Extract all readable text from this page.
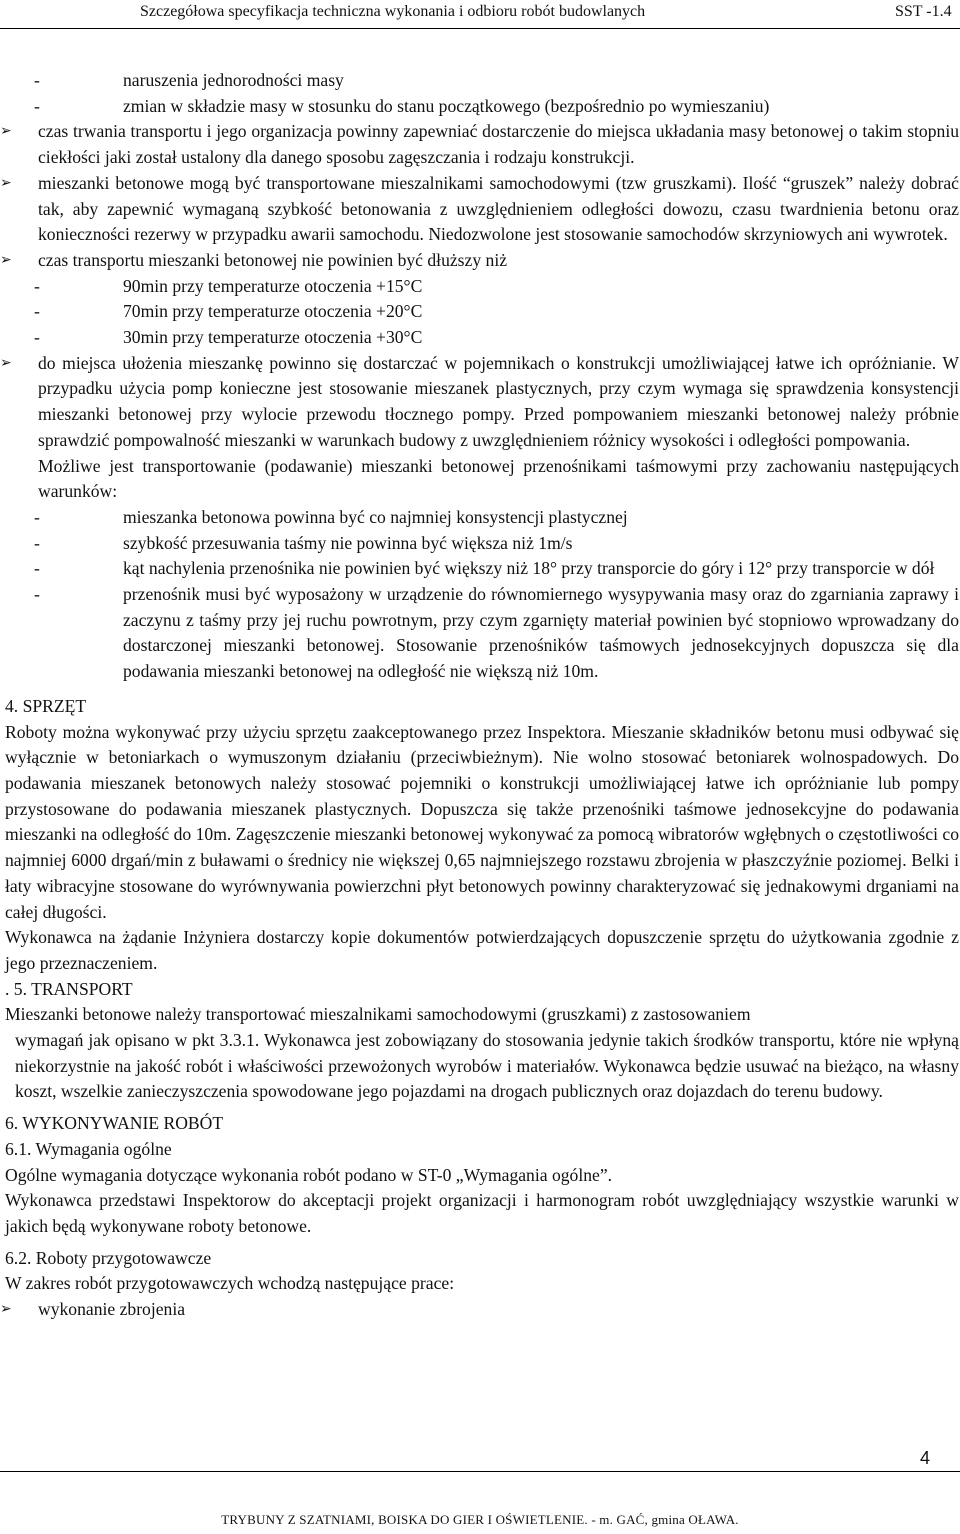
Szczegółowa specyfikacja techniczna wykonania i odbioru robót budowlanych	SST -1.4
-	naruszenia jednorodności masy
-	zmian w składzie masy w stosunku do stanu początkowego (bezpośrednio po wymieszaniu)
➢ czas trwania transportu i jego organizacja powinny zapewniać dostarczenie do miejsca układania masy betonowej o takim stopniu ciekłości jaki został ustalony dla danego sposobu zagęszczania i rodzaju konstrukcji.
➢ mieszanki betonowe mogą być transportowane mieszalnikami samochodowymi (tzw gruszkami). Ilość “gruszek” należy dobrać tak, aby zapewnić wymaganą szybkość betonowania z uwzględnieniem odległości dowozu, czasu twardnienia betonu oraz konieczności rezerwy w przypadku awarii samochodu. Niedozwolone jest stosowanie samochodów skrzyniowych ani wywrotek.
➢ czas transportu mieszanki betonowej nie powinien być dłuższy niż
-	90min przy temperaturze otoczenia +15°C
-	70min przy temperaturze otoczenia +20°C
-	30min przy temperaturze otoczenia +30°C
➢ do miejsca ułożenia mieszankę powinno się dostarczać w pojemnikach o konstrukcji umożliwiającej łatwe ich opróżnianie. W przypadku użycia pomp konieczne jest stosowanie mieszanek plastycznych, przy czym wymaga się sprawdzenia konsystencji mieszanki betonowej przy wylocie przewodu tłocznego pompy. Przed pompowaniem mieszanki betonowej należy próbnie sprawdzić pompowalność mieszanki w warunkach budowy z uwzględnieniem różnicy wysokości i odległości pompowania.
Możliwe jest transportowanie (podawanie) mieszanki betonowej przenośnikami taśmowymi przy zachowaniu następujących warunków:
-	mieszanka betonowa powinna być co najmniej konsystencji plastycznej
-	szybkość przesuwania taśmy nie powinna być większa niż 1m/s
-	kąt nachylenia przenośnika nie powinien być większy niż 18° przy transporcie do góry i 12° przy transporcie w dół
-	przenośnik musi być wyposażony w urządzenie do równomiernego wysypywania masy oraz do zgarniania zaprawy i zaczynu z taśmy przy jej ruchu powrotnym, przy czym zgarnięty materiał powinien być stopniowo wprowadzany do dostarczonej mieszanki betonowej. Stosowanie przenośników taśmowych jednosekcyjnych dopuszcza się dla podawania mieszanki betonowej na odległość nie większą niż 10m.
4. SPRZĘT
Roboty można wykonywać przy użyciu sprzętu zaakceptowanego przez Inspektora. Mieszanie składników betonu musi odbywać się wyłącznie w betoniarkach o wymuszonym działaniu (przeciwbieżnym). Nie wolno stosować betoniarek wolnospadowych. Do podawania mieszanek betonowych należy stosować pojemniki o konstrukcji umożliwiającej łatwe ich opróżnianie lub pompy przystosowane do podawania mieszanek plastycznych. Dopuszcza się także przenośniki taśmowe jednosekcyjne do podawania mieszanki na odległość do 10m. Zagęszczenie mieszanki betonowej wykonywać za pomocą wibratorów wgłębnych o częstotliwości co najmniej 6000 drgań/min z buławami o średnicy nie większej 0,65 najmniejszego rozstawu zbrojenia w płaszczyźnie poziomej. Belki i łaty wibracyjne stosowane do wyrównywania powierzchni płyt betonowych powinny charakteryzować się jednakowymi drganiami na całej długości.
Wykonawca na żądanie Inżyniera dostarczy kopie dokumentów potwierdzających dopuszczenie sprzętu do użytkowania zgodnie z jego przeznaczeniem.
. 5. TRANSPORT
Mieszanki betonowe należy transportować mieszalnikami samochodowymi (gruszkami) z zastosowaniem
wymagań jak opisano w pkt 3.3.1. Wykonawca jest zobowiązany do stosowania jedynie takich środków transportu, które nie wpłyną niekorzystnie na jakość robót i właściwości przewożonych wyrobów i materiałów. Wykonawca będzie usuwać na bieżąco, na własny koszt, wszelkie zanieczyszczenia spowodowane jego pojazdami na drogach publicznych oraz dojazdach do terenu budowy.
6. WYKONYWANIE ROBÓT
6.1. Wymagania ogólne
Ogólne wymagania dotyczące wykonania robót podano w ST-0 „Wymagania ogólne”.
Wykonawca przedstawi Inspektorow do akceptacji projekt organizacji i harmonogram robót uwzględniający wszystkie warunki w jakich będą wykonywane roboty betonowe.
6.2. Roboty przygotowawcze
W zakres robót przygotowawczych wchodzą następujące prace:
➢ wykonanie zbrojenia
4
TRYBUNY Z SZATNIAMI, BOISKA DO GIER I OŚWIETLENIE. - m. GAĆ, gmina OŁAWA.
